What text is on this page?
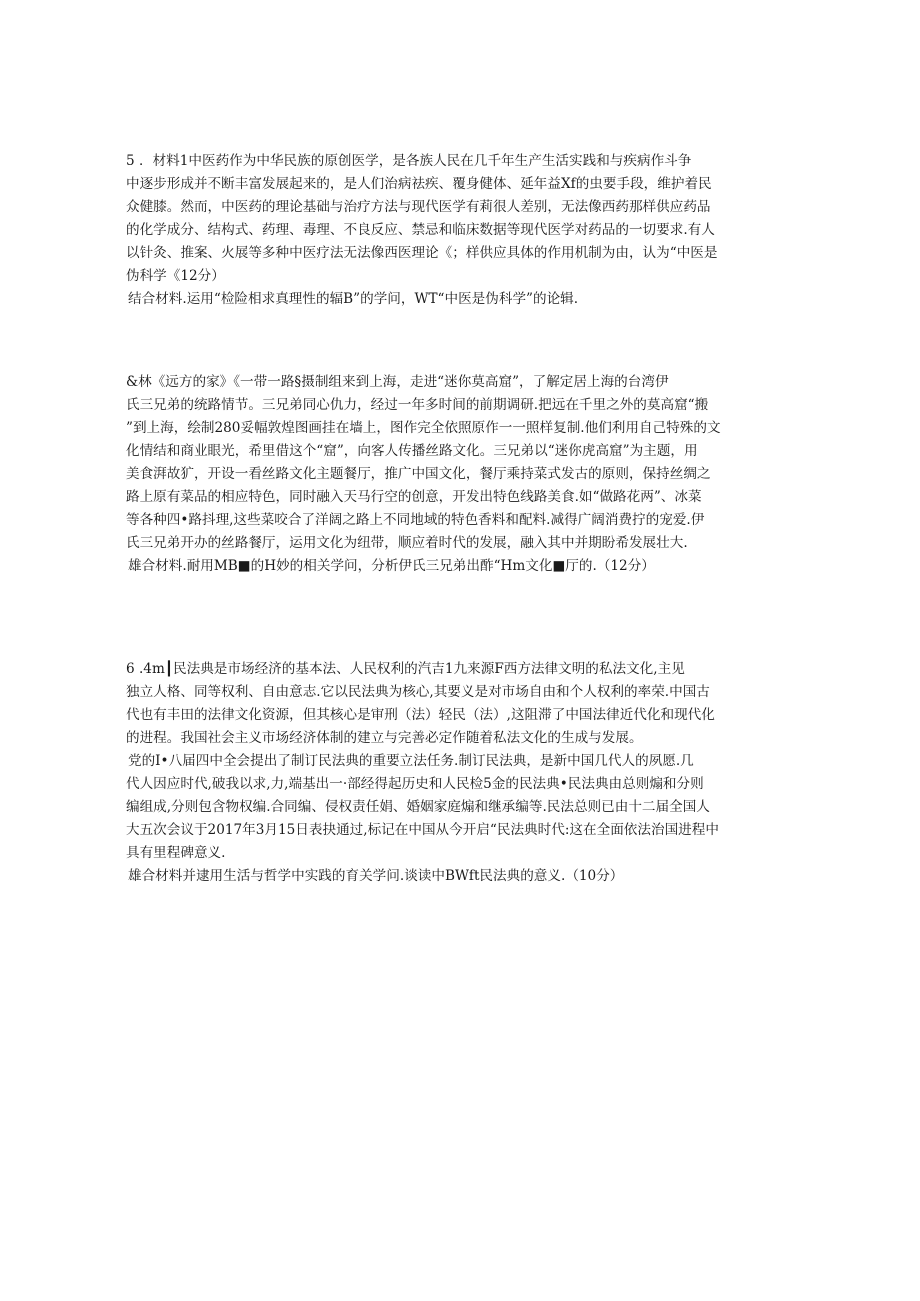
5 ．材料1中医药作为中华民族的原创医学，是各族人民在几千年生产生活实践和与疾病作斗争
中逐步形成并不断丰富发展起来的，是人们治病祛疾、覆身健体、延年益Xf的虫要手段，维护着民
众健膝。然而，中医药的理论基础与治疗方法与现代医学有莉很人差别，无法像西药那样供应药品
的化学成分、结构式、药理、毒理、不良反应、禁忌和临床数据等现代医学对药品的一切要求.有人
以针灸、推案、火展等多种中医疗法无法像西医理论《；样供应具体的作用机制为由，认为“中医是
伪科学《12分）
结合材料.运用“检险相求真理性的辐B”的学问，WT“中医是伪科学”的论辑.
&林《远方的家》《一带一路§摄制组来到上海，走进“迷你莫高窟”，了解定居上海的台湾伊
氏三兄弟的统路情节。三兄弟同心仇力，经过一年多时间的前期调研.把远在千里之外的莫高窟“搬
”到上海，绘制280妥幅敦煌图画挂在墙上，图作完全依照原作一一照样复制.他们利用自己特殊的文
化情结和商业眼光，希里借这个“窟”，向客人传播丝路文化。三兄弟以“迷你虎高窟”为主题，用
美食湃故犷，开设一看丝路文化主题餐厅，推广中国文化，餐厅乘持菜式发古的原则，保持丝绸之
路上原有菜品的相应特色，同时融入天马行空的创意，开发出特色线路美食.如“做路花两”、冰菜
等各种四•路抖理,这些菜咬合了洋阔之路上不同地域的特色香料和配料.减得广阔消费拧的宠爱.伊
氏三兄弟开办的丝路餐厅，运用文化为纽带，顺应着时代的发展，融入其中并期盼希发展壮大.
雄合材料.耐用MB■的H妙的相关学问，分析伊氏三兄弟出酢“Hm文化■厅的.（12分）
6 .4m┃民法典是市场经济的基本法、人民权利的汽吉1九来源F西方法律文明的私法文化,主见
独立人格、同等权利、自由意志.它以民法典为核心,其要义是对市场自由和个人权利的率荣.中国古
代也有丰田的法律文化资源，但其核心是审刑（法）轻民（法）,这阻滞了中国法律近代化和现代化
的进程。我国社会主义市场经济体制的建立与完善必定作随着私法文化的生成与发展。
党的I•八届四中全会提出了制订民法典的重要立法任务.制订民法典，是新中国几代人的夙愿.几
代人因应时代,破我以求,力,端基出一·部经得起历史和人民检5金的民法典•民法典由总则煽和分则
编组成,分则包含物权编.合同编、侵权责任娟、婚姻家庭煽和继承编等.民法总则已由十二届全国人
大五次会议于2017年3月15日表抉通过,标记在中国从今开启“民法典时代:这在全面依法治国进程中
具有里程碑意义.
雄合材料并逮用生活与哲学中实践的育关学问.谈读中BWft民法典的意义.（10分）
